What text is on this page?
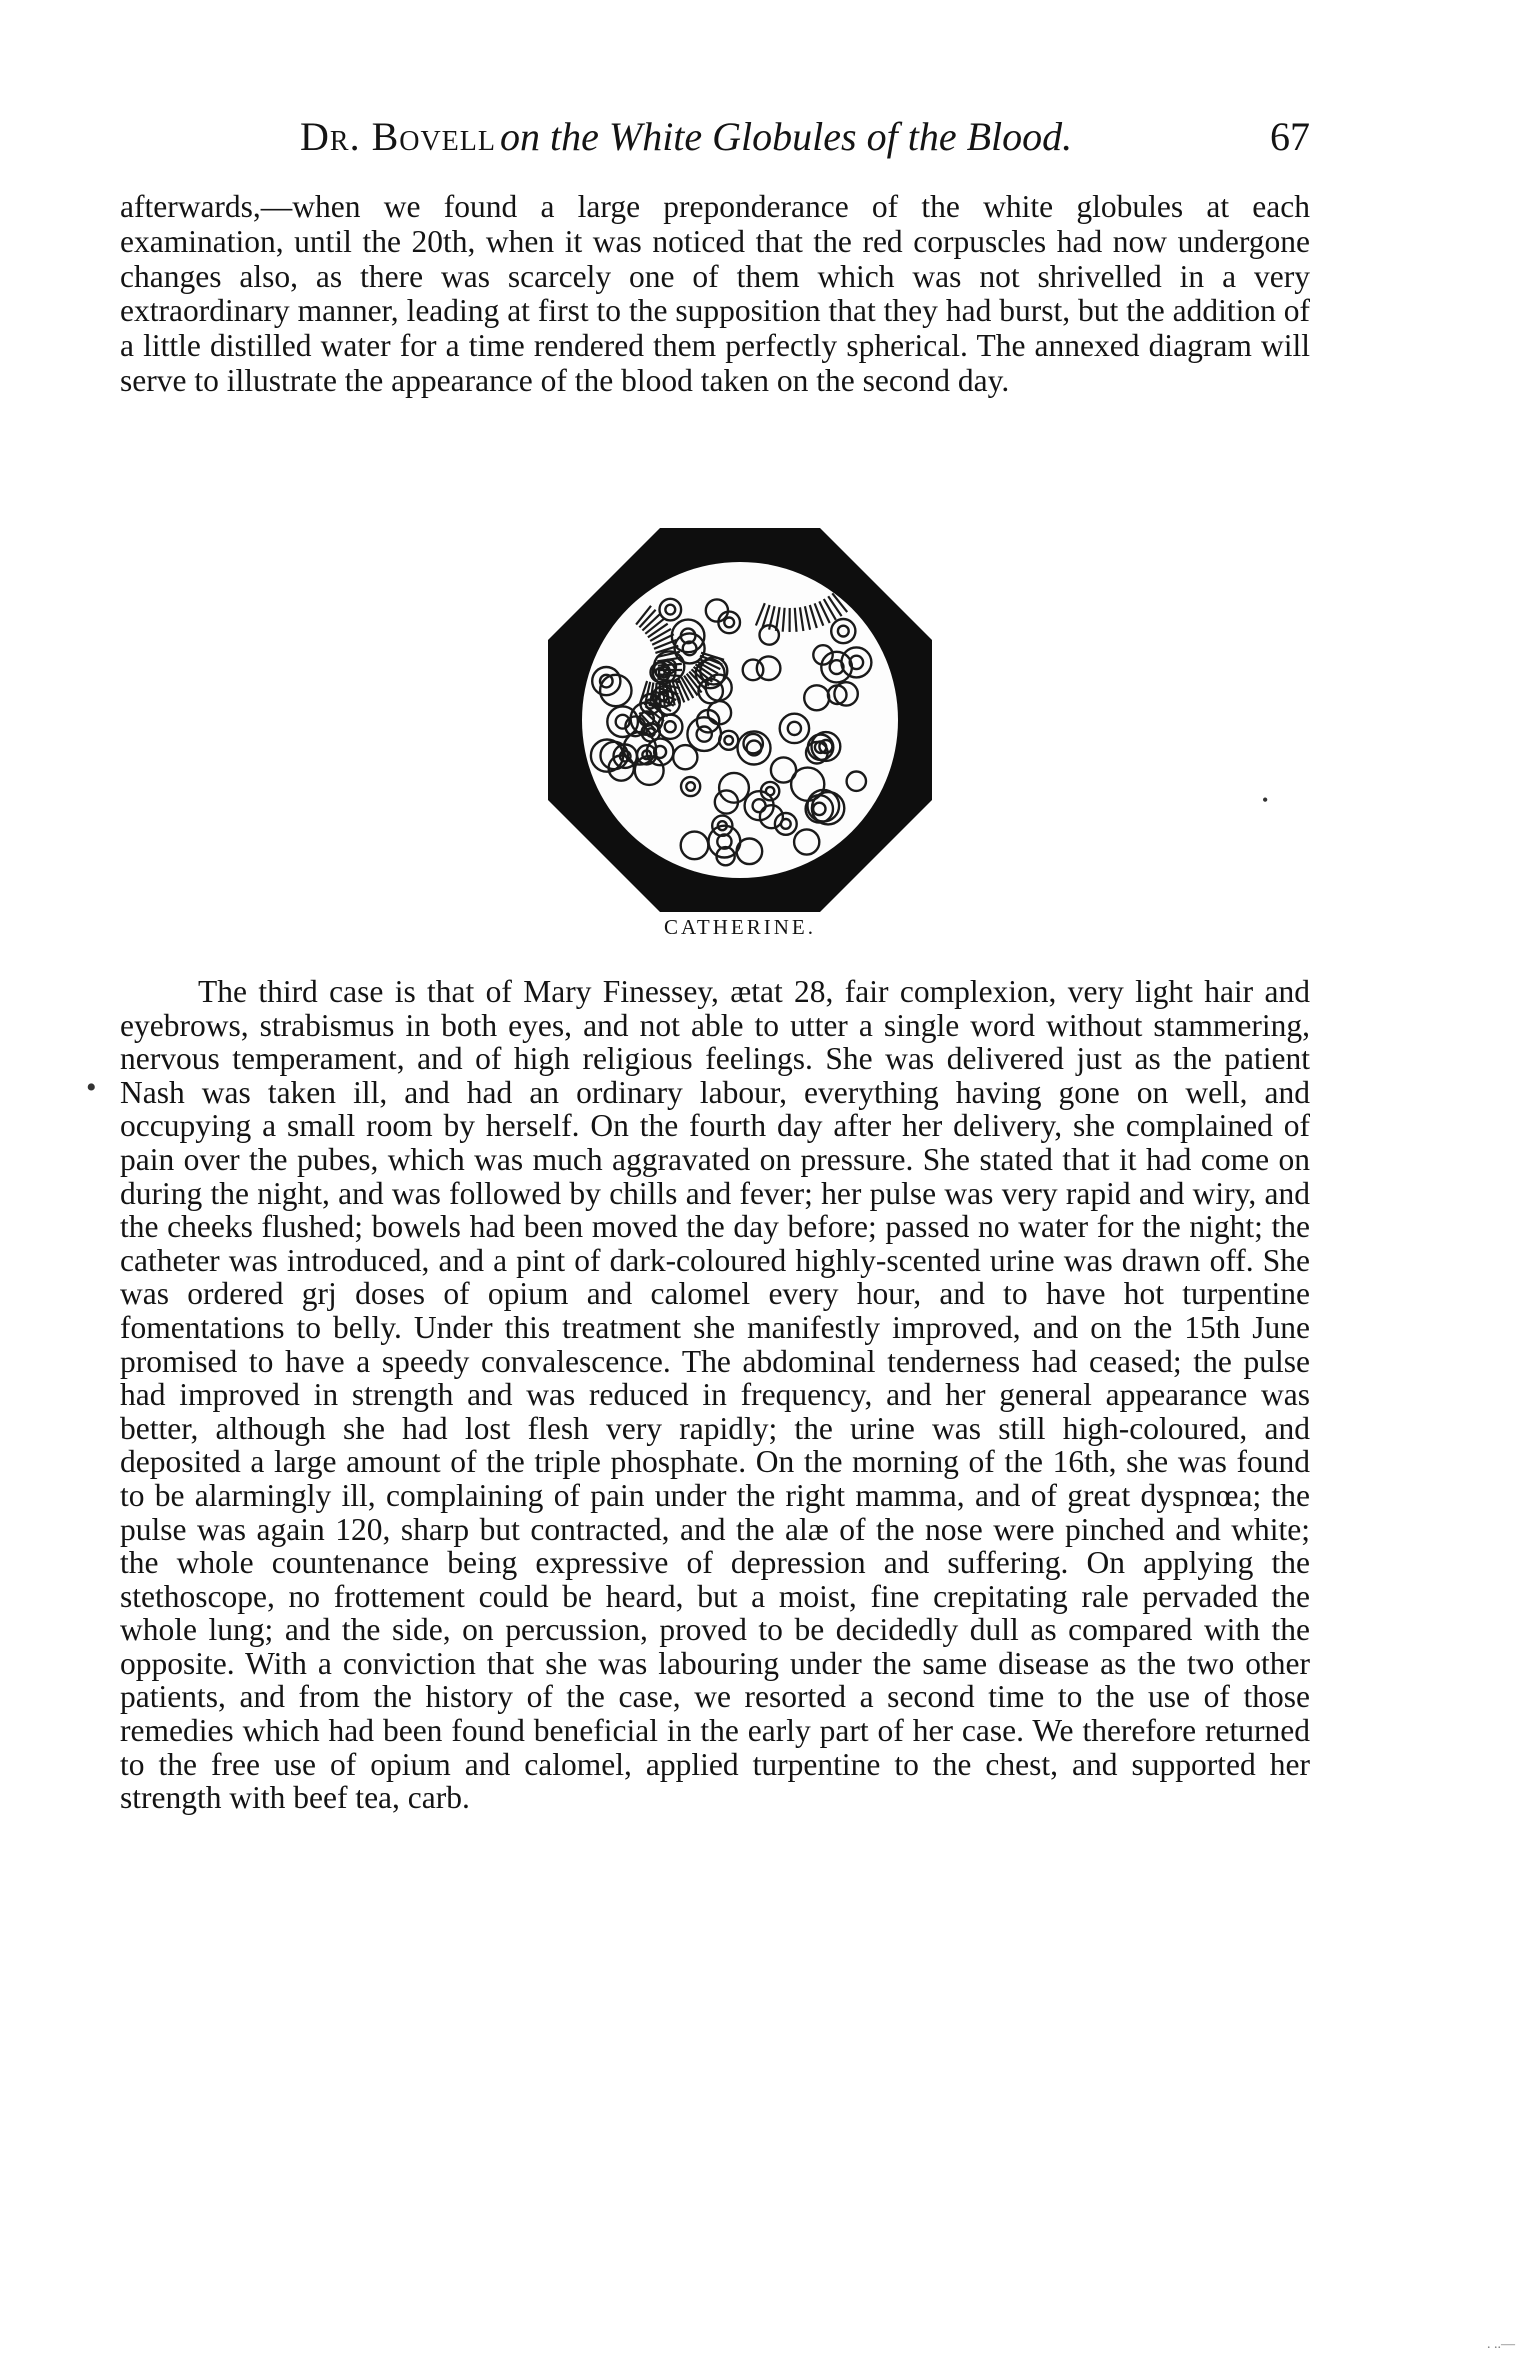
Dr. Bovell on the White Globules of the Blood.	67

afterwards,—when we found a large preponderance of the white globules at each examination, until the 20th, when it was noticed that the red corpuscles had now undergone changes also, as there was scarcely one of them which was not shrivelled in a very extraordinary manner, leading at first to the supposition that they had burst, but the addition of a little distilled water for a time rendered them perfectly spherical. The annexed diagram will serve to illustrate the appearance of the blood taken on the second day.

CATHERINE.

The third case is that of Mary Finessey, ætat 28, fair complexion, very light hair and eyebrows, strabismus in both eyes, and not able to utter a single word without stammering, nervous temperament, and of high religious feelings. She was delivered just as the patient Nash was taken ill, and had an ordinary labour, everything having gone on well, and occupying a small room by herself. On the fourth day after her delivery, she complained of pain over the pubes, which was much aggravated on pressure. She stated that it had come on during the night, and was followed by chills and fever; her pulse was very rapid and wiry, and the cheeks flushed; bowels had been moved the day before; passed no water for the night; the catheter was introduced, and a pint of dark-coloured highly-scented urine was drawn off. She was ordered grj doses of opium and calomel every hour, and to have hot turpentine fomentations to belly. Under this treatment she manifestly improved, and on the 15th June promised to have a speedy convalescence. The abdominal tenderness had ceased; the pulse had improved in strength and was reduced in frequency, and her general appearance was better, although she had lost flesh very rapidly; the urine was still high-coloured, and deposited a large amount of the triple phosphate. On the morning of the 16th, she was found to be alarmingly ill, complaining of pain under the right mamma, and of great dyspnœa; the pulse was again 120, sharp but contracted, and the alæ of the nose were pinched and white; the whole countenance being expressive of depression and suffering. On applying the stethoscope, no frottement could be heard, but a moist, fine crepitating rale pervaded the whole lung; and the side, on percussion, proved to be decidedly dull as compared with the opposite. With a conviction that she was labouring under the same disease as the two other patients, and from the history of the case, we resorted a second time to the use of those remedies which had been found beneficial in the early part of her case. We therefore returned to the free use of opium and calomel, applied turpentine to the chest, and supported her strength with beef tea, carb.

•
•
. ..—
